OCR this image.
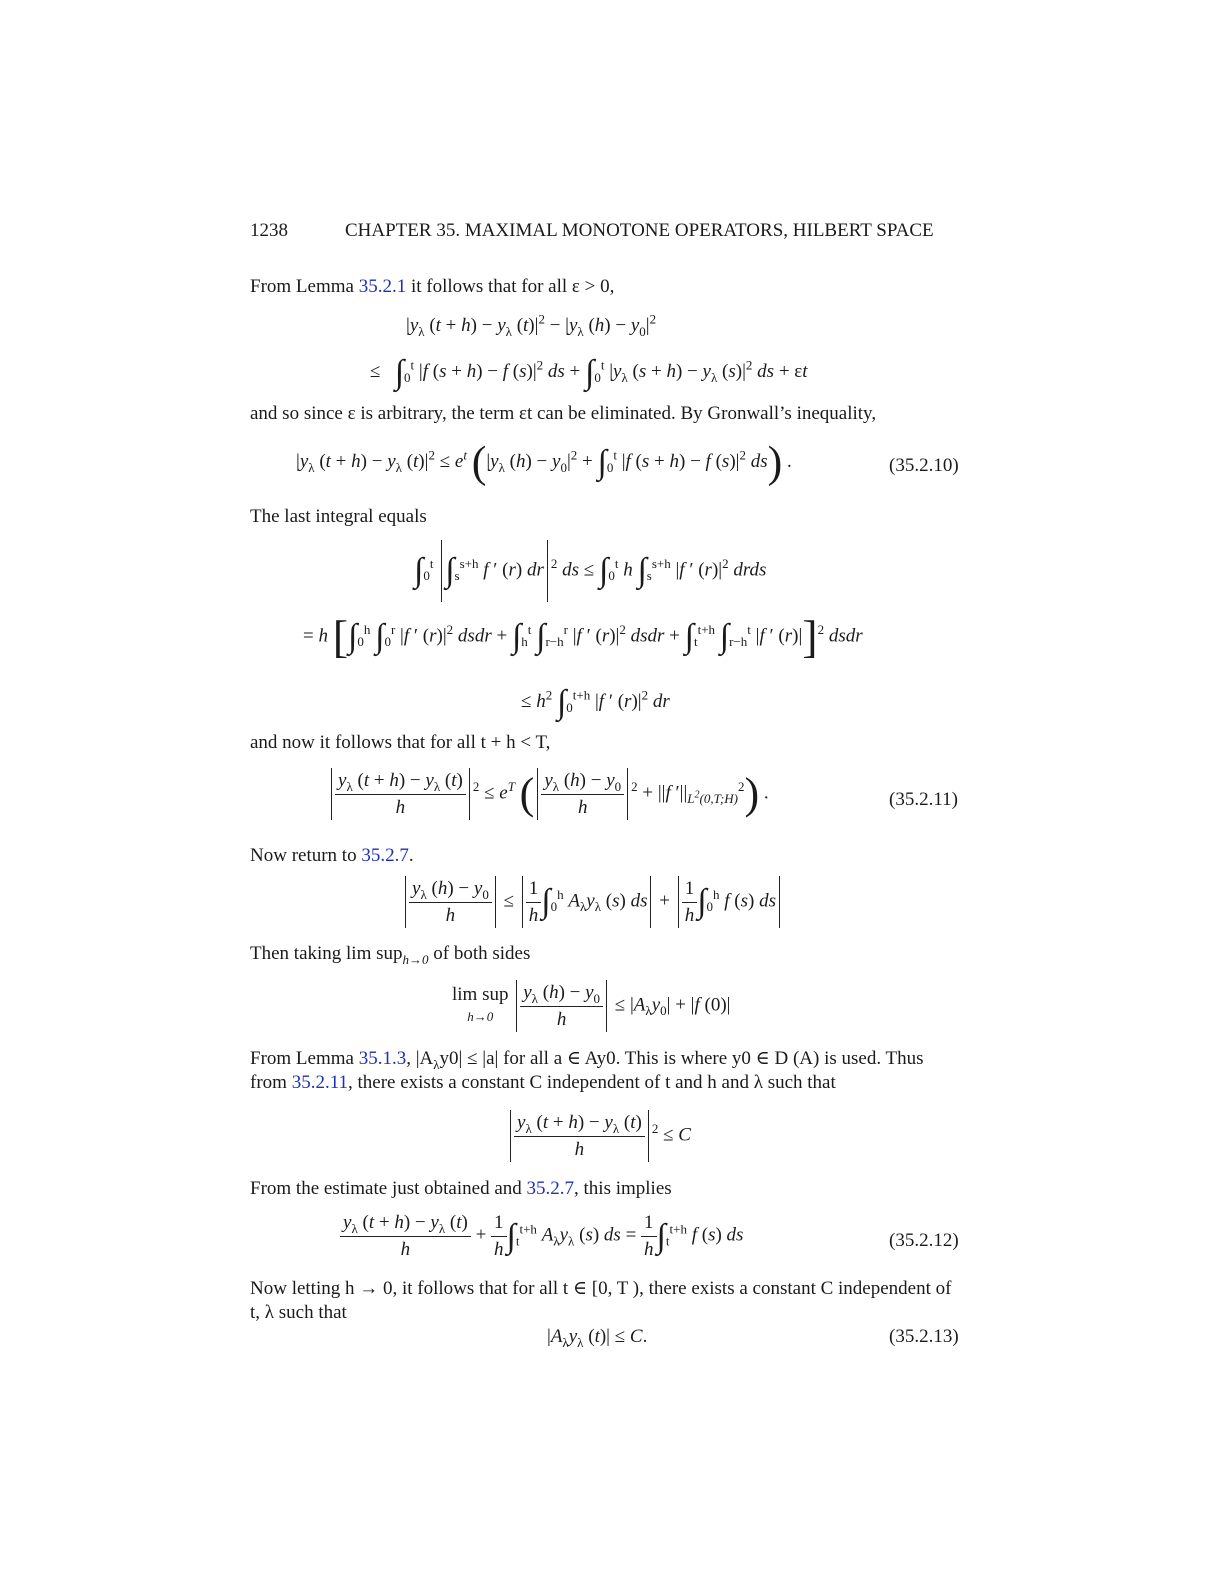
1238	CHAPTER 35. MAXIMAL MONOTONE OPERATORS, HILBERT SPACE
From Lemma 35.2.1 it follows that for all ε > 0,
$|y_\lambda$ $(t + h) - y_\lambda$ $(t)|^2 - |y_\lambda$ $(h) - y_0|^2$
≤   $\int_0^t$ |f (s + h) − f $(s)|^2$ ds + $\int_0^t$ $|y_\lambda$ $(s + h) - y_\lambda$ $(s)|^2$ ds + εt
and so since ε is arbitrary, the term εt can be eliminated. By Gronwall’s inequality,
$|y_\lambda$ $(t + h) - y_\lambda$ $(t)|^2 \le e^t$ ($|y_\lambda$ $(h) - y_0|^2 + \int_0^t$ |f (s + h) − f $(s)|^2$ ds) .	(35.2.10)
The last integral equals
$\int_0^t$ $\int_s^{s+h}$ f ′ (r) dr $^2$ ds ≤ $\int_0^t$ h $\int_s^{s+h}$ |f ′ $(r)|^2$ drds
= h [$\int_0^h$ $\int_0^r$ |f ′ $(r)|^2$ dsdr + $\int_h^t$ $\int_{r-h}^r$ |f ′ $(r)|^2$ dsdr + $\int_t^{t+h}$ $\int_{r-h}^t$ |f ′ (r)|]$^2$ dsdr
≤ $h^2$ $\int_0^{t+h}$ |f ′ $(r)|^2$ dr
and now it follows that for all t + h < T,
$\frac{y_\lambda (t + h) - y_\lambda (t)}{h} ^2 \le e^T$ ( $\frac{y_\lambda (h) - y_0}{h} ^2 + ||f$ $'||_{L^2(0,T;H)}^2$) .	(35.2.11)
Now return to 35.2.7.
$\frac{y_\lambda (h) - y_0}{h} \le \frac{1}{h} \int_0^h$ $A_\lambda y_\lambda$ (s) ds + $\frac{1}{h} \int_0^h$ f (s) ds
Then taking lim sup$_{h\to 0}$ of both sides
lim sup
$h\to 0 \frac{y_\lambda (h) - y_0}{h} \le |A_\lambda y_0| + |f$ (0)|
From Lemma 35.1.3, $|A_\lambda y0| \le |a|$ for all a ∈ Ay0. This is where y0 ∈ D (A) is used. Thus
from 35.2.11, there exists a constant C independent of t and h and λ such that
$\frac{y_\lambda (t + h) - y_\lambda (t)}{h} ^2 \le C$
From the estimate just obtained and 35.2.7, this implies
$\frac{y_\lambda (t + h) - y_\lambda (t)}{h} + \frac{1}{h} \int_t^{t+h}$ $A_\lambda y_\lambda$ (s) ds = $\frac{1}{h} \int_t^{t+h}$ f (s) ds	(35.2.12)
Now letting h → 0, it follows that for all t ∈ [0, T ), there exists a constant C independent of
t, λ such that
$|A_\lambda y_\lambda$ (t)| ≤ C.	(35.2.13)
